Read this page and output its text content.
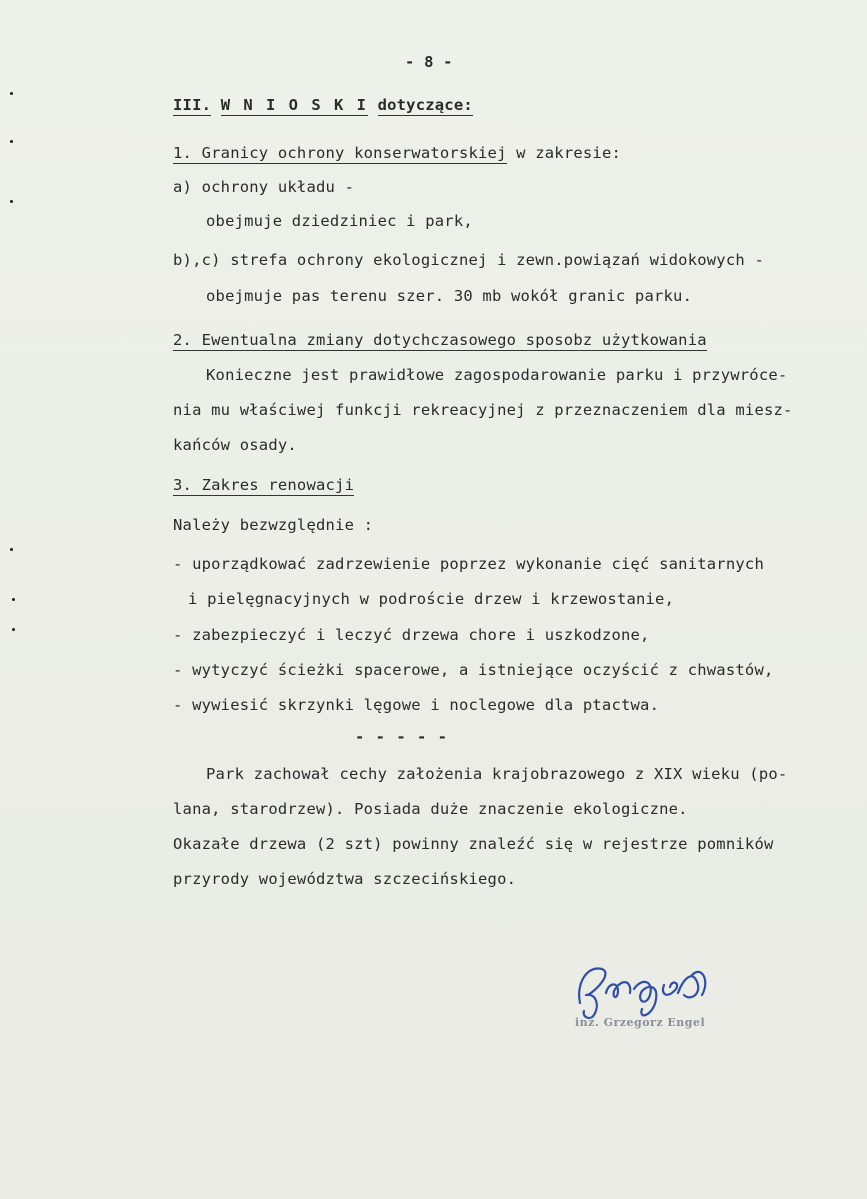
- 8 -
III. W N I O S K I dotyczące:
1. Granicy ochrony konserwatorskiej w zakresie:
a) ochrony układu -
obejmuje dziedziniec i park,
b),c) strefa ochrony ekologicznej i zewn.powiązań widokowych -
obejmuje pas terenu szer. 30 mb wokół granic parku.
2. Ewentualna zmiany dotychczasowego sposobz użytkowania
Konieczne jest prawidłowe zagospodarowanie parku i przywróce-
nia mu właściwej funkcji rekreacyjnej z przeznaczeniem dla miesz-
kańców osady.
3. Zakres renowacji
Należy bezwzględnie :
- uporządkować zadrzewienie poprzez wykonanie cięć sanitarnych
i pielęgnacyjnych w podroście drzew i krzewostanie,
- zabezpieczyć i leczyć drzewa chore i uszkodzone,
- wytyczyć ścieżki spacerowe, a istniejące oczyścić z chwastów,
- wywiesić skrzynki lęgowe i noclegowe dla ptactwa.
- - - - -
Park zachował cechy założenia krajobrazowego z XIX wieku (po-
lana, starodrzew). Posiada duże znaczenie ekologiczne.
Okazałe drzewa (2 szt) powinny znaleźć się w rejestrze pomników
przyrody województwa szczecińskiego.
inż. Grzegorz Engel
